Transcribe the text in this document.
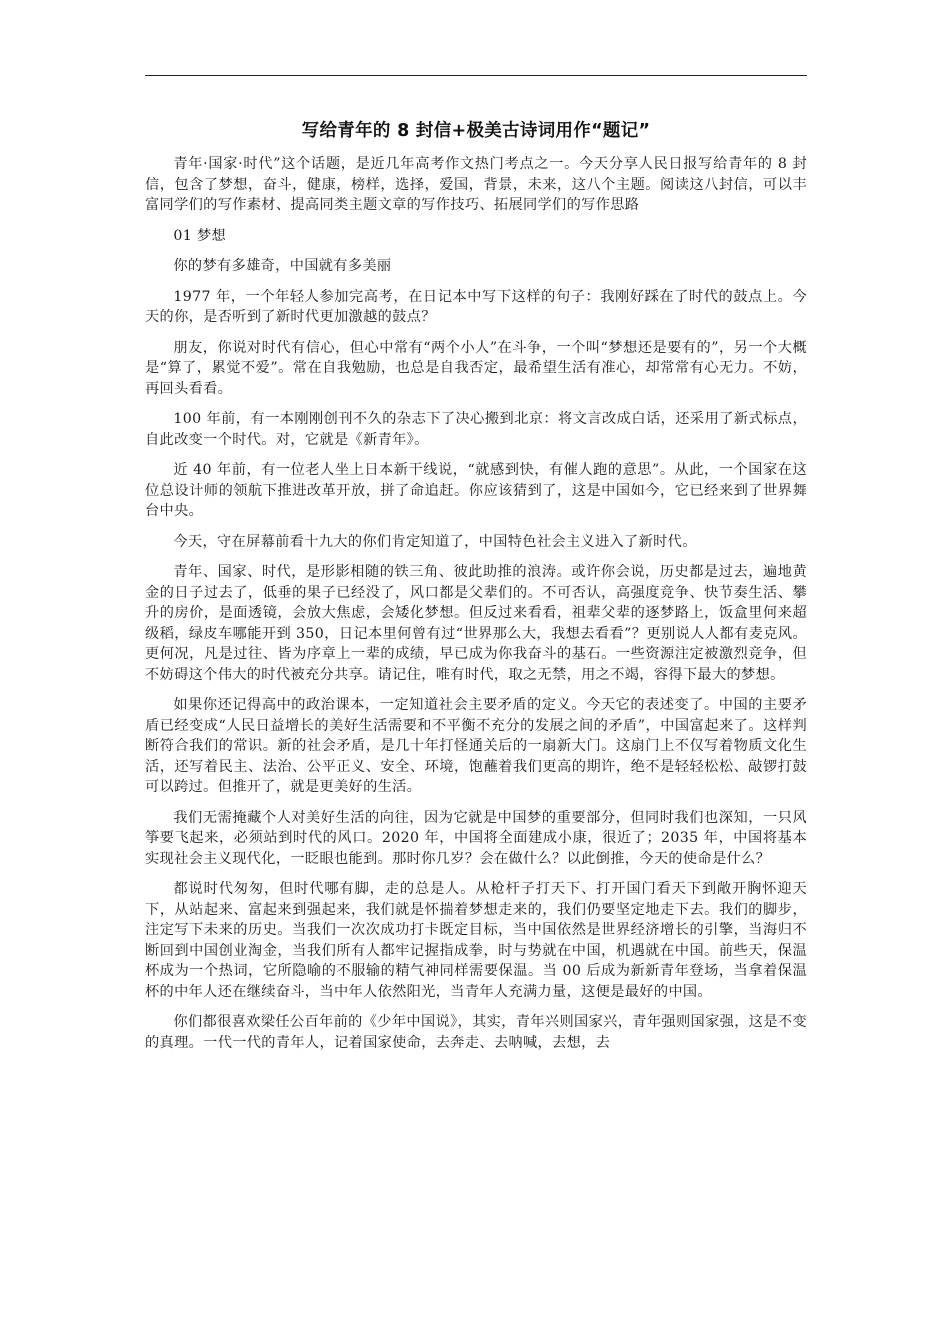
写给青年的 8 封信+极美古诗词用作“题记”

青年·国家·时代”这个话题，是近几年高考作文热门考点之一。今天分享人民日报写给青年的 8 封信，包含了梦想，奋斗，健康，榜样，选择，爱国，背景，未来，这八个主题。阅读这八封信，可以丰富同学们的写作素材、提高同类主题文章的写作技巧、拓展同学们的写作思路

01 梦想

你的梦有多雄奇，中国就有多美丽

1977 年，一个年轻人参加完高考，在日记本中写下这样的句子：我刚好踩在了时代的鼓点上。今天的你，是否听到了新时代更加激越的鼓点？

朋友，你说对时代有信心，但心中常有“两个小人”在斗争，一个叫“梦想还是要有的”，另一个大概是“算了，累觉不爱”。常在自我勉励，也总是自我否定，最希望生活有准心，却常常有心无力。不妨，再回头看看。

100 年前，有一本刚刚创刊不久的杂志下了决心搬到北京：将文言改成白话，还采用了新式标点，自此改变一个时代。对，它就是《新青年》。

近 40 年前，有一位老人坐上日本新干线说，“就感到快，有催人跑的意思”。从此，一个国家在这位总设计师的领航下推进改革开放，拼了命追赶。你应该猜到了，这是中国如今，它已经来到了世界舞台中央。

今天，守在屏幕前看十九大的你们肯定知道了，中国特色社会主义进入了新时代。

青年、国家、时代，是形影相随的铁三角、彼此助推的浪涛。或许你会说，历史都是过去，遍地黄金的日子过去了，低垂的果子已经没了，风口都是父辈们的。不可否认，高强度竞争、快节奏生活、攀升的房价，是面透镜，会放大焦虑，会矮化梦想。但反过来看看，祖辈父辈的逐梦路上，饭盒里何来超级稻，绿皮车哪能开到 350，日记本里何曾有过“世界那么大，我想去看看”？更别说人人都有麦克风。更何况，凡是过往、皆为序章上一辈的成绩，早已成为你我奋斗的基石。一些资源注定被激烈竞争，但不妨碍这个伟大的时代被充分共享。请记住，唯有时代，取之无禁，用之不竭，容得下最大的梦想。

如果你还记得高中的政治课本，一定知道社会主要矛盾的定义。今天它的表述变了。中国的主要矛盾已经变成“人民日益增长的美好生活需要和不平衡不充分的发展之间的矛盾”，中国富起来了。这样判断符合我们的常识。新的社会矛盾，是几十年打怪通关后的一扇新大门。这扇门上不仅写着物质文化生活，还写着民主、法治、公平正义、安全、环境，饱蘸着我们更高的期许，绝不是轻轻松松、敲锣打鼓可以跨过。但推开了，就是更美好的生活。

我们无需掩藏个人对美好生活的向往，因为它就是中国梦的重要部分，但同时我们也深知，一只风筝要飞起来，必须站到时代的风口。2020 年，中国将全面建成小康，很近了；2035 年，中国将基本实现社会主义现代化，一眨眼也能到。那时你几岁？会在做什么？以此倒推，今天的使命是什么？

都说时代匆匆，但时代哪有脚，走的总是人。从枪杆子打天下、打开国门看天下到敞开胸怀迎天下，从站起来、富起来到强起来，我们就是怀揣着梦想走来的，我们仍要坚定地走下去。我们的脚步，注定写下未来的历史。当我们一次次成功打卡既定目标，当中国依然是世界经济增长的引擎，当海归不断回到中国创业淘金，当我们所有人都牢记握指成拳，时与势就在中国，机遇就在中国。前些天，保温杯成为一个热词，它所隐喻的不服输的精气神同样需要保温。当 00 后成为新新青年登场，当拿着保温杯的中年人还在继续奋斗，当中年人依然阳光，当青年人充满力量，这便是最好的中国。

你们都很喜欢梁任公百年前的《少年中国说》，其实，青年兴则国家兴，青年强则国家强，这是不变的真理。一代一代的青年人，记着国家使命，去奔走、去呐喊，去想，去
